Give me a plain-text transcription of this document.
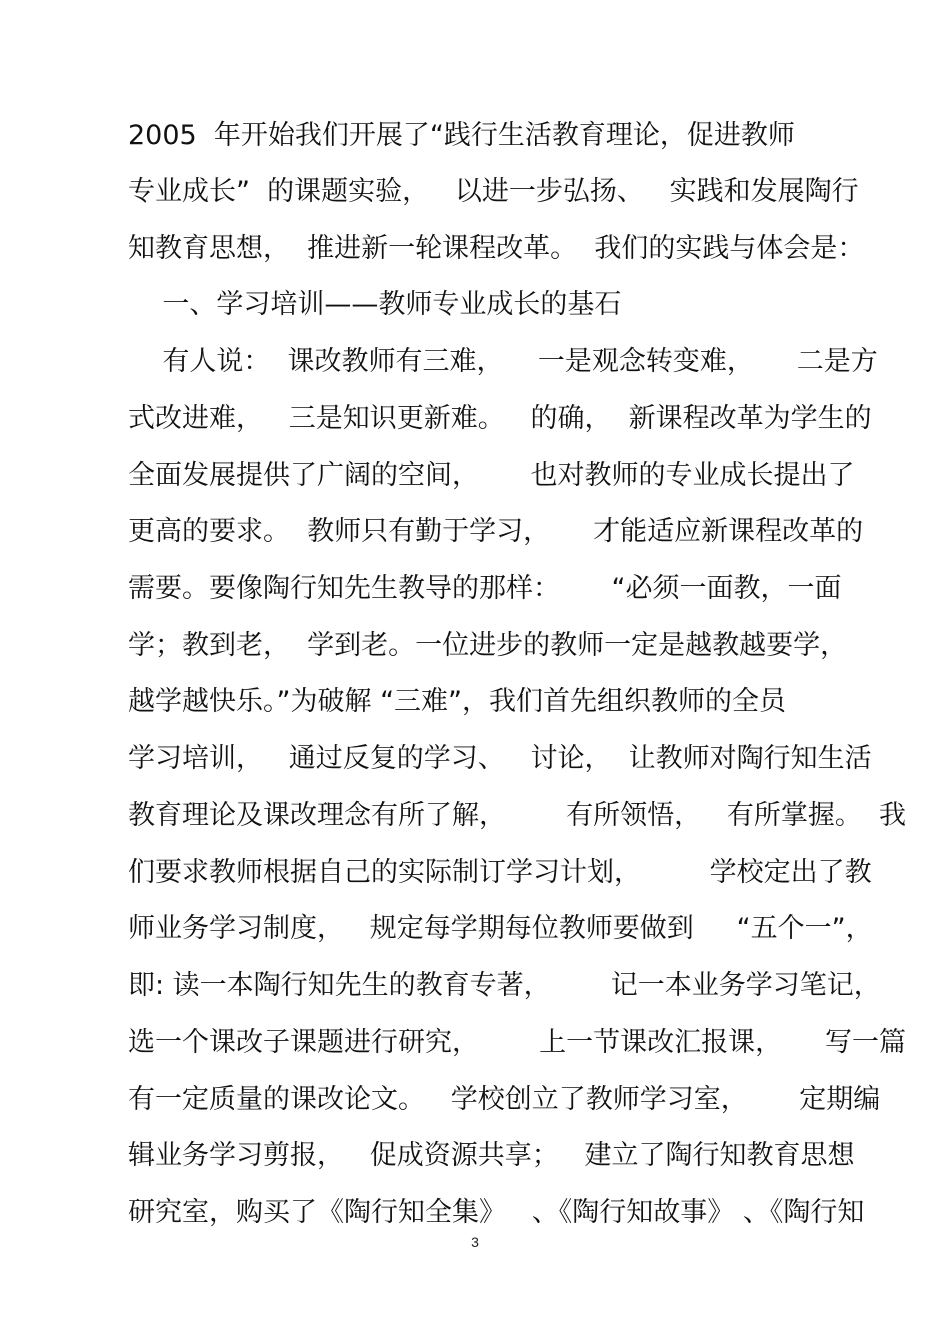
2005  年开始我们开展了“践行生活教育理论，促进教师
专业成长”  的课题实验，   以进一步弘扬、   实践和发展陶行
知教育思想，  推进新一轮课程改革。  我们的实践与体会是：
一、学习培训——教师专业成长的基石
有人说：  课改教师有三难，    一是观念转变难，     二是方
式改进难，   三是知识更新难。   的确，  新课程改革为学生的
全面发展提供了广阔的空间，      也对教师的专业成长提出了
更高的要求。  教师只有勤于学习，     才能适应新课程改革的
需要。要像陶行知先生教导的那样：      “必须一面教，一面
学；教到老，  学到老。一位进步的教师一定是越教越要学，
越学越快乐。”为破解 “三难”，我们首先组织教师的全员
学习培训，   通过反复的学习、   讨论，  让教师对陶行知生活
教育理论及课改理念有所了解，       有所领悟，   有所掌握。  我
们要求教师根据自己的实际制订学习计划，        学校定出了教
师业务学习制度，   规定每学期每位教师要做到     “五个一”，
即: 读一本陶行知先生的教育专著，       记一本业务学习笔记，
选一个课改子课题进行研究，       上一节课改汇报课，     写一篇
有一定质量的课改论文。   学校创立了教师学习室，      定期编
辑业务学习剪报，   促成资源共享；   建立了陶行知教育思想
研究室，购买了《陶行知全集》   、《陶行知故事》 、《陶行知
3
